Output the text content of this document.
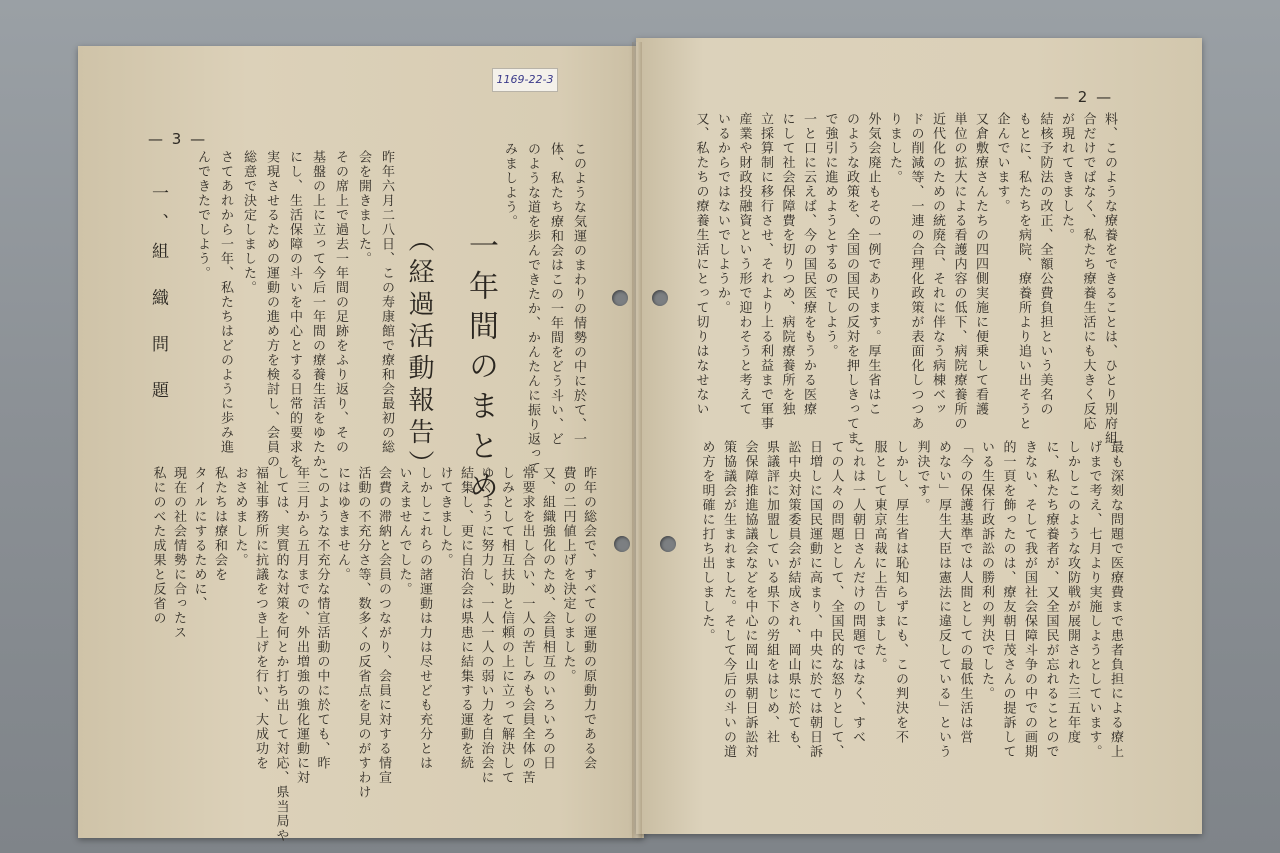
1169-22-3
— 3 —
一、組 織 問 題	一年間のまとめ
（経過活動報告）	このような気運のまわりの情勢の中に於て、一

体、私たち療和会はこの一年間をどう斗い、ど

のような道を歩んできたか、かんたんに振り返って

みましよう。

昨年六月二八日、この寿康館で療和会最初の総

会を開きました。

その席上で過去一年間の足跡をふり返り、その

基盤の上に立って今后一年間の療養生活をゆたか

にし、生活保障の斗いを中心とする日常的要求を

実現させるための運動の進め方を検討し、会員の

総意で決定しました。

さてあれから一年、私たちはどのように歩み進

んできたでしよう。

昨年の総会で、すべての運動の原動力である会

費の二円値上げを決定しました。

又、組織強化のため、会員相互のいろいろの日

常要求を出し合い、一人の苦しみも会員全体の苦

しみとして相互扶助と信頼の上に立って解決して

ゆくように努力し、一人一人の弱い力を自治会に

結集し、更に自治会は県患に結集する運動を続

けてきました。

しかしこれらの諸運動は力は尽せども充分とは

いえませんでした。

会費の滞納と会員のつながり、会員に対する情宣

活動の不充分さ等、数多くの反省点を見のがすわけ

にはゆきません。

このような不充分な情宣活動の中に於ても、昨

年三月から五月までの、外出増強の強化運動に対

しては、実質的な対策を何とか打ち出して対応、県当局や

福祉事務所に抗議をつき上げを行い、大成功を

おさめました。

私たちは療和会を

タイルにするために、

現在の社会情勢に合ったス

私にのべた成果と反省の

— 2 —

料、このような療養をできることは、ひとり別府組

合だけでばなく、私たち療養生活にも大きく反応

が現れてきました。

結核予防法の改正、全額公費負担という美名の

もとに、私たちを病院、療養所より追い出そうと

企んでいます。

又倉敷療さんたちの四四側実施に便乗して看護

単位の拡大による看護内容の低下、病院療養所の

近代化のための統廃合、それに伴なう病棟ベッ

ドの削減等、一連の合理化政策が表面化しつつあ

りました。

外気会廃止もその一例であります。厚生省はこ

のような政策を、全国の国民の反対を押しきってま

で強引に進めようとするのでしよう。

一と口に云えば、今の国民医療をもうかる医療

にして社会保障費を切りつめ、病院療養所を独

立採算制に移行させ、それより上る利益まで軍事

産業や財政投融資という形で迎わそうと考えて

いるからではないでしようか。

又、私たちの療養生活にとって切りはなせない

最も深刻な問題で医療費まで患者負担による療上

げまで考え、七月より実施しようとしています。

しかしこのような攻防戦が展開された三五年度

に、私たち療養者が、又全国民が忘れることので

きない、そして我が国社会保障斗争の中での画期

的一頁を飾ったのは、療友朝日茂さんの提訴して

いる生保行政訴訟の勝利の判決でした。

「今の保護基準では人間としての最低生活は営

めない」厚生大臣は憲法に違反している」という

判決です。

しかし、厚生省は恥知らずにも、この判決を不

服として東京高裁に上告しました。

これは一人朝日さんだけの問題ではなく、すべ

ての人々の問題として、全国民的な怒りとして、

日増しに国民運動に高まり、中央に於ては朝日訴

訟中央対策委員会が結成され、岡山県に於ても、

県議評に加盟している県下の労組をはじめ、社

会保障推進協議会などを中心に岡山県朝日訴訟対

策協議会が生まれました。そして今后の斗いの道

め方を明確に打ち出しました。
